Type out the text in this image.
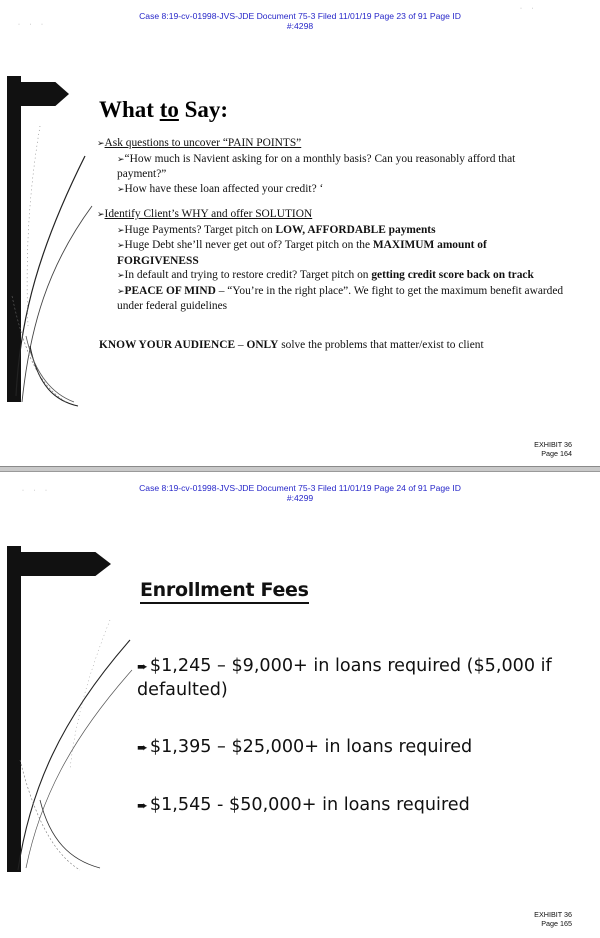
Case 8:19-cv-01998-JVS-JDE Document 75-3 Filed 11/01/19 Page 23 of 91 Page ID
#:4298
· · ·
· ·
What to Say:
➢Ask questions to uncover “PAIN POINTS”
➢“How much is Navient asking for on a monthly basis? Can you reasonably afford that payment?”
➢How have these loan affected your credit? ‘
➢Identify Client’s WHY and offer SOLUTION
➢Huge Payments? Target pitch on LOW, AFFORDABLE payments
➢Huge Debt she’ll never get out of? Target pitch on the MAXIMUM amount of FORGIVENESS
➢In default and trying to restore credit? Target pitch on getting credit score back on track
➢PEACE OF MIND – “You’re in the right place”. We fight to get the maximum benefit awarded under federal guidelines
KNOW YOUR AUDIENCE – ONLY solve the problems that matter/exist to client
EXHIBIT 36
Page 164
Case 8:19-cv-01998-JVS-JDE Document 75-3 Filed 11/01/19 Page 24 of 91 Page ID
#:4299
· · ·
EXHIBIT 36
Page 165
Enrollment Fees
➨ $1,245 – $9,000+ in loans required ($5,000 if defaulted)
➨ $1,395 – $25,000+ in loans required
➨ $1,545 - $50,000+ in loans required
